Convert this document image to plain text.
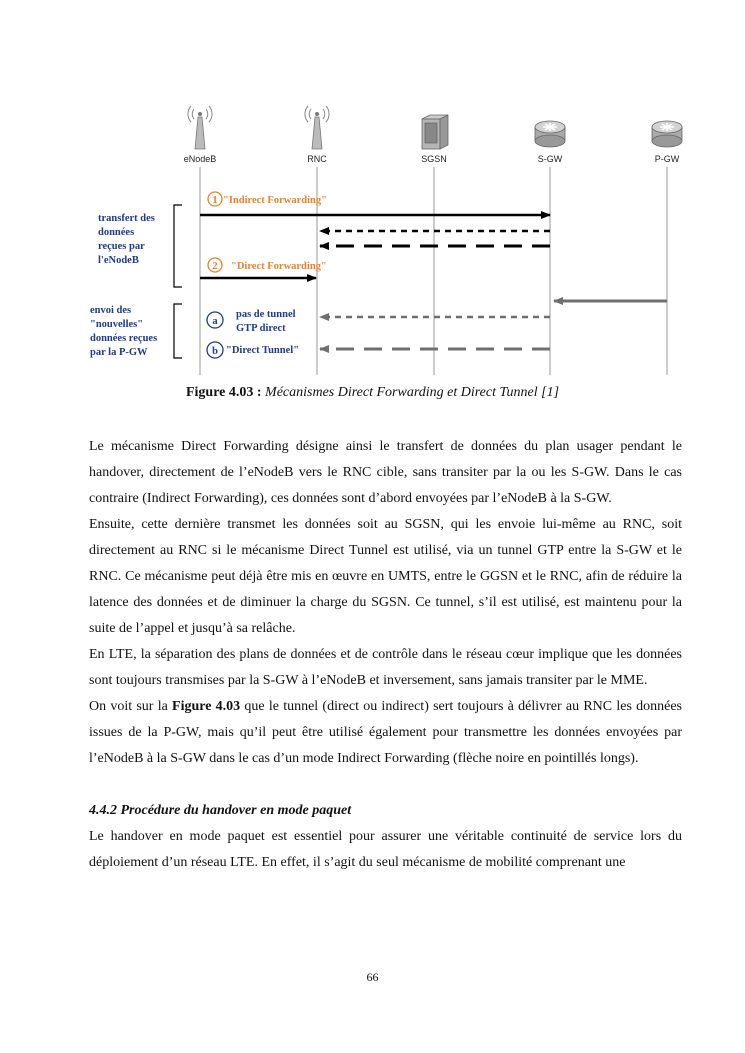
eNodeB	RNC	SGSN	S-GW	P-GW
transfert des données reçues par l'eNodeB
envoi des "nouvelles" données reçues par la P-GW
1 "Indirect Forwarding"
2 "Direct Forwarding"
a
pas de tunnel GTP direct
b "Direct Tunnel"
Figure 4.03 : Mécanismes Direct Forwarding et Direct Tunnel [1]

Le mécanisme Direct Forwarding désigne ainsi le transfert de données du plan usager pendant le handover, directement de l’eNodeB vers le RNC cible, sans transiter par la ou les S-GW. Dans le cas contraire (Indirect Forwarding), ces données sont d’abord envoyées par l’eNodeB à la S-GW.

Ensuite, cette dernière transmet les données soit au SGSN, qui les envoie lui-même au RNC, soit directement au RNC si le mécanisme Direct Tunnel est utilisé, via un tunnel GTP entre la S-GW et le RNC. Ce mécanisme peut déjà être mis en œuvre en UMTS, entre le GGSN et le RNC, afin de réduire la latence des données et de diminuer la charge du SGSN. Ce tunnel, s’il est utilisé, est maintenu pour la suite de l’appel et jusqu’à sa relâche.

En LTE, la séparation des plans de données et de contrôle dans le réseau cœur implique que les données sont toujours transmises par la S-GW à l’eNodeB et inversement, sans jamais transiter par le MME.

On voit sur la Figure 4.03 que le tunnel (direct ou indirect) sert toujours à délivrer au RNC les données issues de la P-GW, mais qu’il peut être utilisé également pour transmettre les données envoyées par l’eNodeB à la S-GW dans le cas d’un mode Indirect Forwarding (flèche noire en pointillés longs).

4.4.2 Procédure du handover en mode paquet

Le handover en mode paquet est essentiel pour assurer une véritable continuité de service lors du déploiement d’un réseau LTE. En effet, il s’agit du seul mécanisme de mobilité comprenant une

66
